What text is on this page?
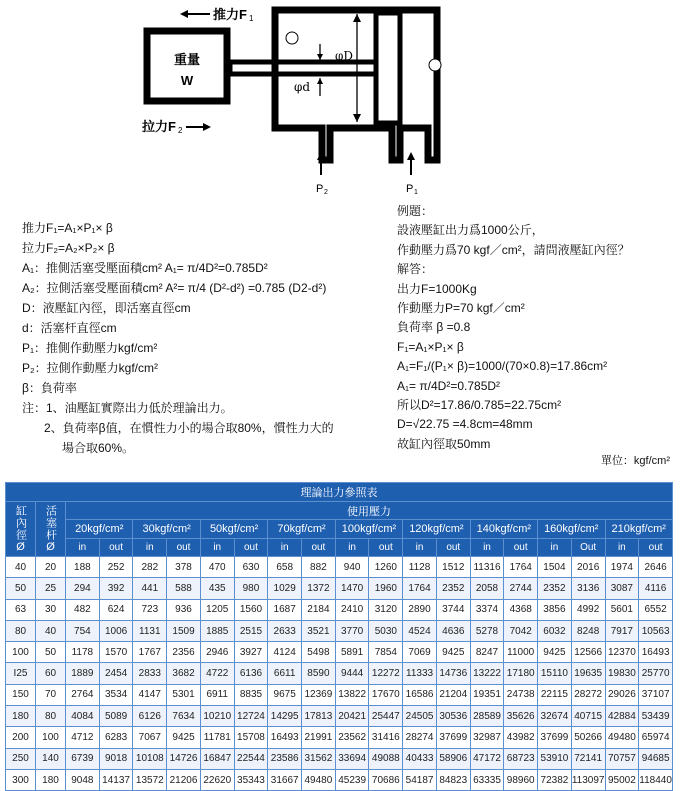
重量
W
φD
φd
推力F 1
拉力F 2
P 2	P 1
推力F₁=A₁×P₁× β
拉力F₂=A₂×P₂× β
A₁：推側活塞受壓面積cm² A₁= π/4D²=0.785D²
A₂：拉側活塞受壓面積cm² A²= π/4 (D²-d²) =0.785 (D2-d²)
D：液壓缸內徑，即活塞直徑cm
d：活塞杆直徑cm
P₁：推側作動壓力kgf/cm²
P₂：拉側作動壓力kgf/cm²
β：負荷率
注：1、油壓缸實際出力低於理論出力。
2、負荷率β值，在慣性力小的場合取80%，慣性力大的
場合取60%。
例題：
設液壓缸出力爲1000公斤，
作動壓力爲70 kgf／cm²，請問液壓缸內徑？
解答：
出力F=1000Kg
作動壓力P=70 kgf／cm²
負荷率 β =0.8
F₁=A₁×P₁× β
A₁=F₁/(P₁× β)=1000/(70×0.8)=17.86cm²
A₁= π/4D²=0.785D²
所以D²=17.86/0.785=22.75cm²
D=√22.75 =4.8cm=48mm
故缸內徑取50mm
單位：kgf/cm²
理論出力參照表																			
缸內徑Ø	活塞杆Ø	使用壓力																	
		20kgf/cm²		30kgf/cm²		50kgf/cm²		70kgf/cm²		100kgf/cm²		120kgf/cm²		140kgf/cm²		160kgf/cm²		210kgf/cm²	
		in	out	in	out	in	out	in	out	in	out	in	out	in	out	in	Out	in	out
40	20	188	252	282	378	470	630	658	882	940	1260	1128	1512	11316	1764	1504	2016	1974	2646
50	25	294	392	441	588	435	980	1029	1372	1470	1960	1764	2352	2058	2744	2352	3136	3087	4116
63	30	482	624	723	936	1205	1560	1687	2184	2410	3120	2890	3744	3374	4368	3856	4992	5601	6552
80	40	754	1006	1131	1509	1885	2515	2633	3521	3770	5030	4524	4636	5278	7042	6032	8248	7917	10563
100	50	1178	1570	1767	2356	2946	3927	4124	5498	5891	7854	7069	9425	8247	11000	9425	12566	12370	16493
I25	60	1889	2454	2833	3682	4722	6136	6611	8590	9444	12272	11333	14736	13222	17180	15110	19635	19830	25770
150	70	2764	3534	4147	5301	6911	8835	9675	12369	13822	17670	16586	21204	19351	24738	22115	28272	29026	37107
180	80	4084	5089	6126	7634	10210	12724	14295	17813	20421	25447	24505	30536	28589	35626	32674	40715	42884	53439
200	100	4712	6283	7067	9425	11781	15708	16493	21991	23562	31416	28274	37699	32987	43982	37699	50266	49480	65974
250	140	6739	9018	10108	14726	16847	22544	23586	31562	33694	49088	40433	58906	47172	68723	53910	72141	70757	94685
300	180	9048	14137	13572	21206	22620	35343	31667	49480	45239	70686	54187	84823	63335	98960	72382	113097	95002	118440
